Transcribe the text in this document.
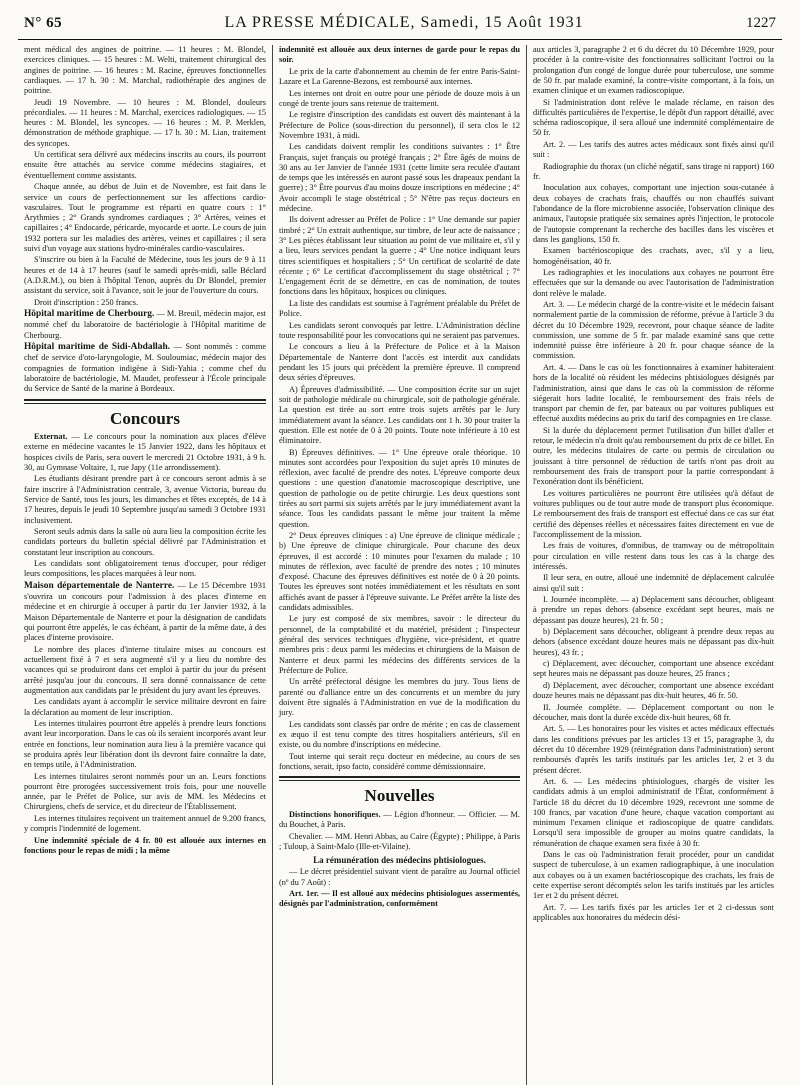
N° 65	LA PRESSE MÉDICALE, Samedi, 15 Août 1931	1227

ment médical des angines de poitrine. — 11 heures : M. Blondel, exercices cliniques. — 15 heures : M. Welti, traitement chirurgical des angines de poitrine. — 16 heures : M. Racine, épreuves fonctionnelles cardiaques. — 17 h. 30 : M. Marchal, radiothérapie des angines de poitrine.

Jeudi 19 Novembre. — 10 heures : M. Blondel, douleurs précordiales. — 11 heures : M. Marchal, exercices radiologiques. — 15 heures : M. Blondel, les syncopes. — 16 heures : M. P. Merklen, démonstration de méthode graphique. — 17 h. 30 : M. Lian, traitement des syncopes.

Un certificat sera délivré aux médecins inscrits au cours, ils pourront ensuite être attachés au service comme médecins stagiaires, et éventuellement comme assistants.

Chaque année, au début de Juin et de Novembre, est fait dans le service un cours de perfectionnement sur les affections cardio-vasculaires. Tout le programme est réparti en quatre cours : 1° Arythmies ; 2° Grands syndromes cardiaques ; 3° Artères, veines et capillaires ; 4° Endocarde, péricarde, myocarde et aorte. Le cours de juin 1932 portera sur les maladies des artères, veines et capillaires ; il sera suivi d'un voyage aux stations hydro-minérales cardio-vasculaires.

S'inscrire ou bien à la Faculté de Médecine, tous les jours de 9 à 11 heures et de 14 à 17 heures (sauf le samedi après-midi, salle Béclard (A.D.R.M.), ou bien à l'hôpital Tenon, auprès du Dr Blondel, premier assistant du service, soit à l'avance, soit le jour de l'ouverture du cours.

Droit d'inscription : 250 francs.

Hôpital maritime de Cherbourg. — M. Breuil, médecin major, est nommé chef du laboratoire de bactériologie à l'Hôpital maritime de Cherbourg.

Hôpital maritime de Sidi-Abdallah. — Sont nommés : comme chef de service d'oto-laryngologie, M. Souloumiac, médecin major des compagnies de formation indigène à Sidi-Yahia ; comme chef du laboratoire de bactériologie, M. Maudet, professeur à l'École principale du Service de Santé de la marine à Bordeaux.

Concours

Externat. — Le concours pour la nomination aux places d'élève externe en médecine vacantes le 15 Janvier 1922, dans les hôpitaux et hospices civils de Paris, sera ouvert le mercredi 21 Octobre 1931, à 9 h. 30, au Gymnase Voltaire, 1, rue Japy (11e arrondissement).

Les étudiants désirant prendre part à ce concours seront admis à se faire inscrire à l'Administration centrale, 3, avenue Victoria, bureau du Service de Santé, tous les jours, les dimanches et fêtes exceptés, de 14 à 17 heures, depuis le jeudi 10 Septembre jusqu'au samedi 3 Octobre 1931 inclusivement.

Seront seuls admis dans la salle où aura lieu la composition écrite les candidats porteurs du bulletin spécial délivré par l'Administration et constatant leur inscription au concours.

Les candidats sont obligatoirement tenus d'occuper, pour rédiger leurs compositions, les places marquées à leur nom.

Maison départementale de Nanterre. — Le 15 Décembre 1931 s'ouvrira un concours pour l'admission à des places d'interne en médecine et en chirurgie à occuper à partir du 1er Janvier 1932, à la Maison Départementale de Nanterre et pour la désignation de candidats qui pourront être appelés, le cas échéant, à partir de la même date, à des places d'interne provisoire.

Le nombre des places d'interne titulaire mises au concours est actuellement fixé à 7 et sera augmenté s'il y a lieu du nombre des vacances qui se produiront dans cet emploi à partir du jour du présent arrêté jusqu'au jour du concours. Il sera donné connaissance de cette augmentation aux candidats par le président du jury avant les épreuves.

Les candidats ayant à accomplir le service militaire devront en faire la déclaration au moment de leur inscription.

Les internes titulaires pourront être appelés à prendre leurs fonctions avant leur incorporation. Dans le cas où ils seraient incorporés avant leur entrée en fonctions, leur nomination aura lieu à la première vacance qui se produira après leur libération dont ils devront faire connaître la date, en temps utile, à l'Administration.

Les internes titulaires seront nommés pour un an. Leurs fonctions pourront être prorogées successivement trois fois, pour une nouvelle année, par le Préfet de Police, sur avis de MM. les Médecins et Chirurgiens, chefs de service, et du directeur de l'Établissement.

Les internes titulaires reçoivent un traitement annuel de 9.200 francs, y compris l'indemnité de logement.

Une indemnité spéciale de 4 fr. 80 est allouée aux internes en fonctions pour le repas de midi ; la même

indemnité est allouée aux deux internes de garde pour le repas du soir.

Le prix de la carte d'abonnement au chemin de fer entre Paris-Saint-Lazare et La Garenne-Bezons, est remboursé aux internes.

Les internes ont droit en outre pour une période de douze mois à un congé de trente jours sans retenue de traitement.

Le registre d'inscription des candidats est ouvert dès maintenant à la Préfecture de Police (sous-direction du personnel), il sera clos le 12 Novembre 1931, à midi.

Les candidats doivent remplir les conditions suivantes : 1° Être Français, sujet français ou protégé français ; 2° Être âgés de moins de 30 ans au 1er Janvier de l'année 1931 (cette limite sera reculée d'autant de temps que les intéressés en auront passé sous les drapeaux pendant la guerre) ; 3° Être pourvus d'au moins douze inscriptions en médecine ; 4° Avoir accompli le stage obstétrical ; 5° N'être pas reçus docteurs en médecine.

Ils doivent adresser au Préfet de Police : 1° Une demande sur papier timbré ; 2° Un extrait authentique, sur timbre, de leur acte de naissance ; 3° Les pièces établissant leur situation au point de vue militaire et, s'il y a lieu, leurs services pendant la guerre ; 4° Une notice indiquant leurs titres scientifiques et hospitaliers ; 5° Un certificat de scolarité de date récente ; 6° Le certificat d'accomplissement du stage obstétrical ; 7° L'engagement écrit de se démettre, en cas de nomination, de toutes fonctions dans les hôpitaux, hospices ou cliniques.

La liste des candidats est soumise à l'agrément préalable du Préfet de Police.

Les candidats seront convoqués par lettre. L'Administration décline toute responsabilité pour les convocations qui ne seraient pas parvenues.

Le concours a lieu à la Préfecture de Police et à la Maison Départementale de Nanterre dont l'accès est interdit aux candidats pendant les 15 jours qui précèdent la première épreuve. Il comprend deux séries d'épreuves.

A) Épreuves d'admissibilité. — Une composition écrite sur un sujet soit de pathologie médicale ou chirurgicale, soit de pathologie générale. La question est tirée au sort entre trois sujets arrêtés par le Jury immédiatement avant la séance. Les candidats ont 1 h. 30 pour traiter la question. Elle est notée de 0 à 20 points. Toute note inférieure à 10 est éliminatoire.

B) Épreuves définitives. — 1° Une épreuve orale théorique. 10 minutes sont accordées pour l'exposition du sujet après 10 minutes de réflexion, avec faculté de prendre des notes. L'épreuve comporte deux questions : une question d'anatomie macroscopique descriptive, une question de pathologie ou de petite chirurgie. Les deux questions sont tirées au sort parmi six sujets arrêtés par le jury immédiatement avant la séance. Tous les candidats passant le même jour traitent la même question.

2° Deux épreuves cliniques : a) Une épreuve de clinique médicale ; b) Une épreuve de clinique chirurgicale. Pour chacune des deux épreuves, il est accordé : 10 minutes pour l'examen du malade ; 10 minutes de réflexion, avec faculté de prendre des notes ; 10 minutes d'exposé. Chacune des épreuves définitives est notée de 0 à 20 points. Toutes les épreuves sont notées immédiatement et les résultats en sont affichés avant de passer à l'épreuve suivante. Le Préfet arrête la liste des candidats admissibles.

Le jury est composé de six membres, savoir : le directeur du personnel, de la comptabilité et du matériel, président ; l'inspecteur général des services techniques d'hygiène, vice-président, et quatre membres pris : deux parmi les médecins et chirurgiens de la Maison de Nanterre et deux parmi les médecins des différents services de la Préfecture de Police.

Un arrêté préfectoral désigne les membres du jury. Tous liens de parenté ou d'alliance entre un des concurrents et un membre du jury doivent être signalés à l'Administration en vue de la modification du jury.

Les candidats sont classés par ordre de mérite ; en cas de classement ex æquo il est tenu compte des titres hospitaliers antérieurs, s'il en existe, ou du nombre d'inscriptions en médecine.

Tout interne qui serait reçu docteur en médecine, au cours de ses fonctions, serait, ipso facto, considéré comme démissionnaire.

Nouvelles

Distinctions honorifiques. — Légion d'honneur. — Officier. — M. du Bouchet, à Paris.

Chevalier. — MM. Henri Abbas, au Caire (Égypte) ; Philippe, à Paris ; Tuloup, à Saint-Malo (Ille-et-Vilaine).

La rémunération des médecins phtisiologues.

— Le décret présidentiel suivant vient de paraître au Journal officiel (nº du 7 Août) :

Art. 1er. — Il est alloué aux médecins phtisiologues assermentés, désignés par l'administration, conformément

aux articles 3, paragraphe 2 et 6 du décret du 10 Décembre 1929, pour procéder à la contre-visite des fonctionnaires sollicitant l'octroi ou la prolongation d'un congé de longue durée pour tuberculose, une somme de 50 fr. par malade examiné, la contre-visite comportant, à la fois, un examen clinique et un examen radioscopique.

Si l'administration dont relève le malade réclame, en raison des difficultés particulières de l'expertise, le dépôt d'un rapport détaillé, avec schéma radioscopique, il sera alloué une indemnité complémentaire de 50 fr.

Art. 2. — Les tarifs des autres actes médicaux sont fixés ainsi qu'il suit :

Radiographie du thorax (un cliché négatif, sans tirage ni rapport) 160 fr.

Inoculation aux cobayes, comportant une injection sous-cutanée à deux cobayes de crachats frais, chauffés ou non chauffés suivant l'abondance de la flore microbienne associée, l'observation clinique des animaux, l'autopsie pratiquée six semaines après l'injection, le protocole de l'autopsie comprenant la recherche des bacilles dans les viscères et dans les ganglions, 150 fr.

Examen bactérioscopique des crachats, avec, s'il y a lieu, homogénéisation, 40 fr.

Les radiographies et les inoculations aux cobayes ne pourront être effectuées que sur la demande ou avec l'autorisation de l'administration dont relève le malade.

Art. 3. — Le médecin chargé de la contre-visite et le médecin faisant normalement partie de la commission de réforme, prévue à l'article 3 du décret du 10 Décembre 1929, recevront, pour chaque séance de ladite commission, une somme de 5 fr. par malade examiné sans que cette indemnité puisse être inférieure à 20 fr. pour chaque séance de la commission.

Art. 4. — Dans le cas où les fonctionnaires à examiner habiteraient hors de la localité où résident les médecins phtisiologues désignés par l'administration, ainsi que dans le cas où la commission de réforme siégerait hors ladite localité, le remboursement des frais réels de transport par chemin de fer, par bateaux ou par voitures publiques est effectué auxdits médecins au prix du tarif des compagnies en 1re classe.

Si la durée du déplacement permet l'utilisation d'un billet d'aller et retour, le médecin n'a droit qu'au remboursement du prix de ce billet. En outre, les médecins titulaires de carte ou permis de circulation ou jouissant à titre personnel de réduction de tarifs n'ont pas droit au remboursement des frais de transport pour la partie correspondant à l'exonération dont ils bénéficient.

Les voitures particulières ne pourront être utilisées qu'à défaut de voitures publiques ou de tout autre mode de transport plus économique. Le remboursement des frais de transport est effectué dans ce cas sur état certifié des dépenses réelles et nécessaires faites directement en vue de l'accomplissement de la mission.

Les frais de voitures, d'omnibus, de tramway ou de métropolitain pour circulation en ville restent dans tous les cas à la charge des intéressés.

Il leur sera, en outre, alloué une indemnité de déplacement calculée ainsi qu'il suit :

I. Journée incomplète. — a) Déplacement sans découcher, obligeant à prendre un repas dehors (absence excédant sept heures, mais ne dépassant pas douze heures), 21 fr. 50 ;

b) Déplacement sans découcher, obligeant à prendre deux repas au dehors (absence excédant douze heures mais ne dépassant pas dix-huit heures), 43 fr. ;

c) Déplacement, avec découcher, comportant une absence excédant sept heures mais ne dépassant pas douze heures, 25 francs ;

d) Déplacement, avec découcher, comportant une absence excédant douze heures mais ne dépassant pas dix-huit heures, 46 fr. 50.

II. Journée complète. — Déplacement comportant ou non le découcher, mais dont la durée excède dix-huit heures, 68 fr.

Art. 5. — Les honoraires pour les visites et actes médicaux effectués dans les conditions prévues par les articles 13 et 15, paragraphe 3, du décret du 10 décembre 1929 (réintégration dans l'administration) seront remboursés d'après les tarifs institués par les articles 1er, 2 et 3 du présent décret.

Art. 6. — Les médecins phtisiologues, chargés de visiter les candidats admis à un emploi administratif de l'État, conformément à l'article 18 du décret du 10 décembre 1929, recevront une somme de 100 francs, par vacation d'une heure, chaque vacation comportant au minimum l'examen clinique et radioscopique de quatre candidats. Lorsqu'il sera impossible de grouper au moins quatre candidats, la rémunération de chaque examen sera fixée à 30 fr.

Dans le cas où l'administration ferait procéder, pour un candidat suspect de tuberculose, à un examen radiographique, à une inoculation aux cobayes ou à un examen bactérioscopique des crachats, les frais de cette expertise seront décomptés selon les tarifs institués par les articles 1er et 2 du présent décret.

Art. 7. — Les tarifs fixés par les articles 1er et 2 ci-dessus sont applicables aux honoraires du médecin dési-
